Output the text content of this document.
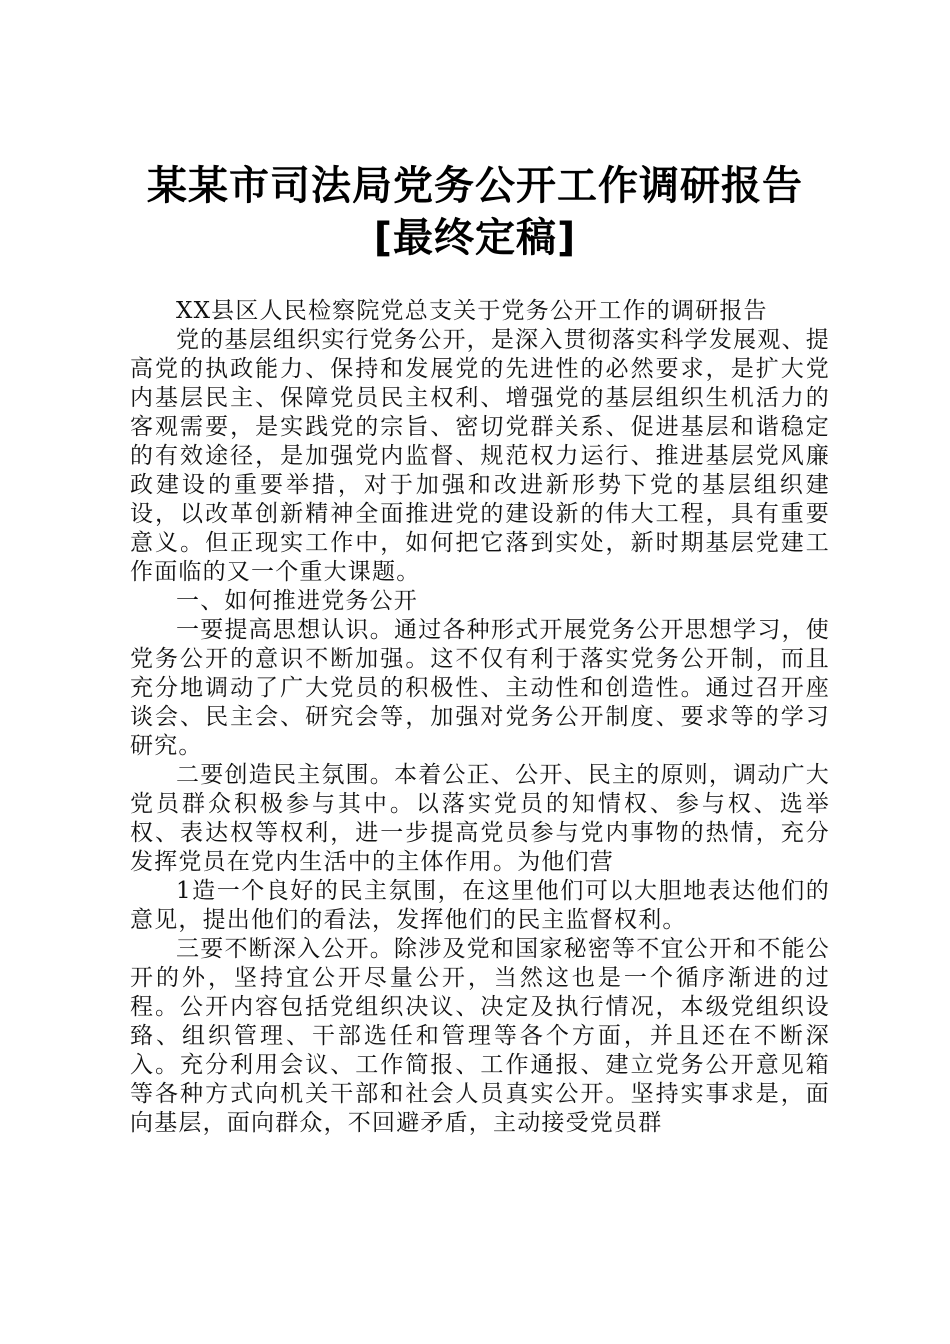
某某市司法局党务公开工作调研报告[最终定稿]

XX县区人民检察院党总支关于党务公开工作的调研报告

党的基层组织实行党务公开，是深入贯彻落实科学发展观、提高党的执政能力、保持和发展党的先进性的必然要求，是扩大党内基层民主、保障党员民主权利、增强党的基层组织生机活力的客观需要，是实践党的宗旨、密切党群关系、促进基层和谐稳定的有效途径，是加强党内监督、规范权力运行、推进基层党风廉政建设的重要举措，对于加强和改进新形势下党的基层组织建设，以改革创新精神全面推进党的建设新的伟大工程，具有重要意义。但正现实工作中，如何把它落到实处，新时期基层党建工作面临的又一个重大课题。

一、如何推进党务公开

一要提高思想认识。通过各种形式开展党务公开思想学习，使党务公开的意识不断加强。这不仅有利于落实党务公开制，而且充分地调动了广大党员的积极性、主动性和创造性。通过召开座谈会、民主会、研究会等，加强对党务公开制度、要求等的学习研究。

二要创造民主氛围。本着公正、公开、民主的原则，调动广大党员群众积极参与其中。以落实党员的知情权、参与权、选举权、表达权等权利，进一步提高党员参与党内事物的热情，充分发挥党员在党内生活中的主体作用。为他们营

1造一个良好的民主氛围，在这里他们可以大胆地表达他们的意见，提出他们的看法，发挥他们的民主监督权利。

三要不断深入公开。除涉及党和国家秘密等不宜公开和不能公开的外，坚持宜公开尽量公开，当然这也是一个循序渐进的过程。公开内容包括党组织决议、决定及执行情况，本级党组织设臵、组织管理、干部选任和管理等各个方面，并且还在不断深入。充分利用会议、工作简报、工作通报、建立党务公开意见箱等各种方式向机关干部和社会人员真实公开。坚持实事求是，面向基层，面向群众，不回避矛盾，主动接受党员群
